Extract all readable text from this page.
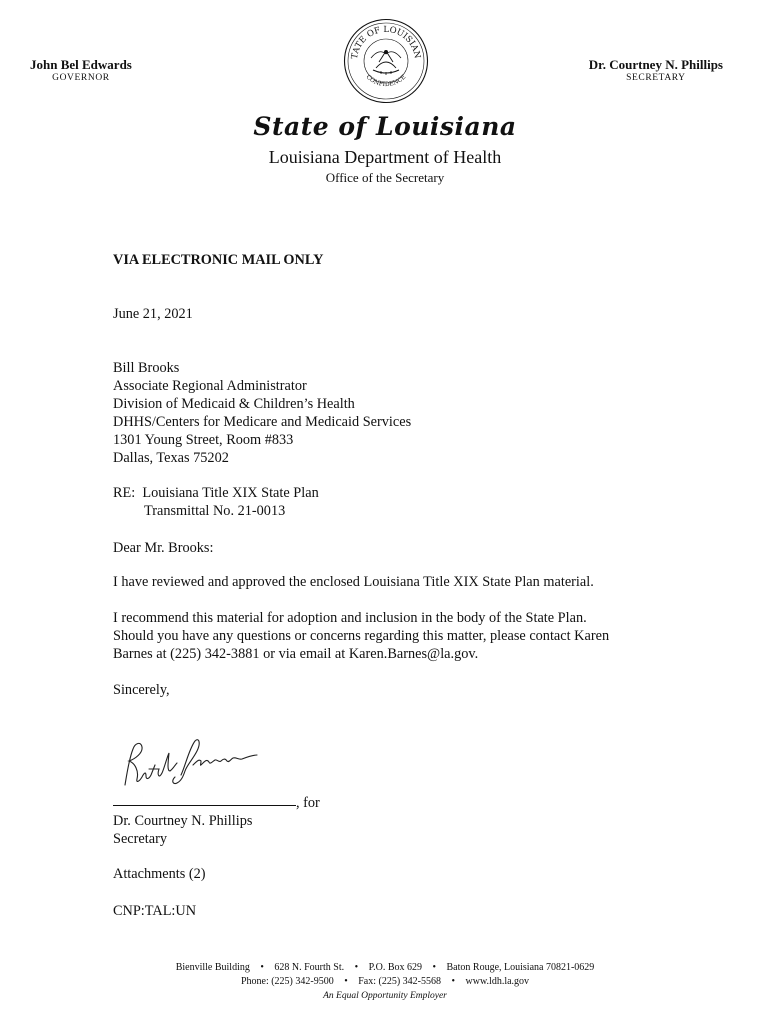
John Bel Edwards
GOVERNOR
TATE OF LOUISIAN
CONFIDENCE
Dr. Courtney N. Phillips
SECRETARY
State of Louisiana
Louisiana Department of Health
Office of the Secretary
VIA ELECTRONIC MAIL ONLY
June 21, 2021
Bill Brooks
Associate Regional Administrator
Division of Medicaid & Children’s Health
DHHS/Centers for Medicare and Medicaid Services
1301 Young Street, Room #833
Dallas, Texas 75202
RE:  Louisiana Title XIX State Plan
Transmittal No. 21-0013
Dear Mr. Brooks:
I have reviewed and approved the enclosed Louisiana Title XIX State Plan material.
I recommend this material for adoption and inclusion in the body of the State Plan.
Should you have any questions or concerns regarding this matter, please contact Karen
Barnes at (225) 342-3881 or via email at Karen.Barnes@la.gov.
Sincerely,
, for
Dr. Courtney N. Phillips
Secretary
Attachments (2)
CNP:TAL:UN
Bienville Building • 628 N. Fourth St. • P.O. Box 629 • Baton Rouge, Louisiana 70821-0629
Phone: (225) 342-9500 • Fax: (225) 342-5568 • www.ldh.la.gov
An Equal Opportunity Employer
